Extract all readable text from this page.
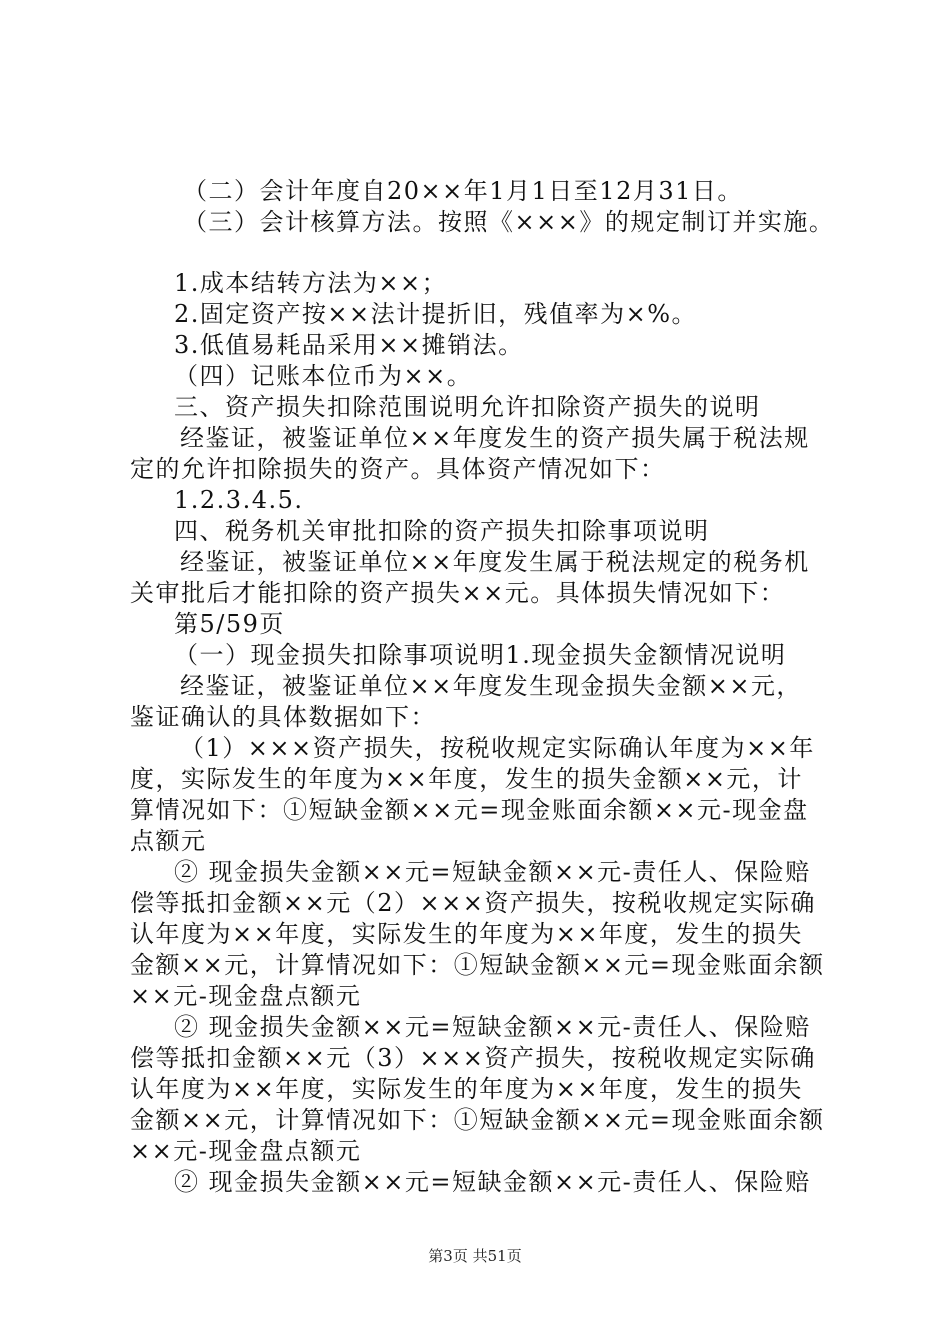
（二）会计年度自20××年1月1日至12月31日。
（三）会计核算方法。按照《×××》的规定制订并实施。
1.成本结转方法为××；
2.固定资产按××法计提折旧，残值率为×%。
3.低值易耗品采用××摊销法。
（四）记账本位币为××。
三、资产损失扣除范围说明允许扣除资产损失的说明
经鉴证，被鉴证单位××年度发生的资产损失属于税法规
定的允许扣除损失的资产。具体资产情况如下：
1.2.3.4.5.
四、税务机关审批扣除的资产损失扣除事项说明
经鉴证，被鉴证单位××年度发生属于税法规定的税务机
关审批后才能扣除的资产损失××元。具体损失情况如下：
第5/59页
（一）现金损失扣除事项说明1.现金损失金额情况说明
经鉴证，被鉴证单位××年度发生现金损失金额××元，
鉴证确认的具体数据如下：
（1）×××资产损失，按税收规定实际确认年度为××年
度，实际发生的年度为××年度，发生的损失金额××元，计
算情况如下：①短缺金额××元=现金账面余额××元-现金盘
点额元
② 现金损失金额××元=短缺金额××元-责任人、保险赔
偿等抵扣金额××元（2）×××资产损失，按税收规定实际确
认年度为××年度，实际发生的年度为××年度，发生的损失
金额××元，计算情况如下：①短缺金额××元=现金账面余额
××元-现金盘点额元
② 现金损失金额××元=短缺金额××元-责任人、保险赔
偿等抵扣金额××元（3）×××资产损失，按税收规定实际确
认年度为××年度，实际发生的年度为××年度，发生的损失
金额××元，计算情况如下：①短缺金额××元=现金账面余额
××元-现金盘点额元
② 现金损失金额××元=短缺金额××元-责任人、保险赔
第3页 共51页
